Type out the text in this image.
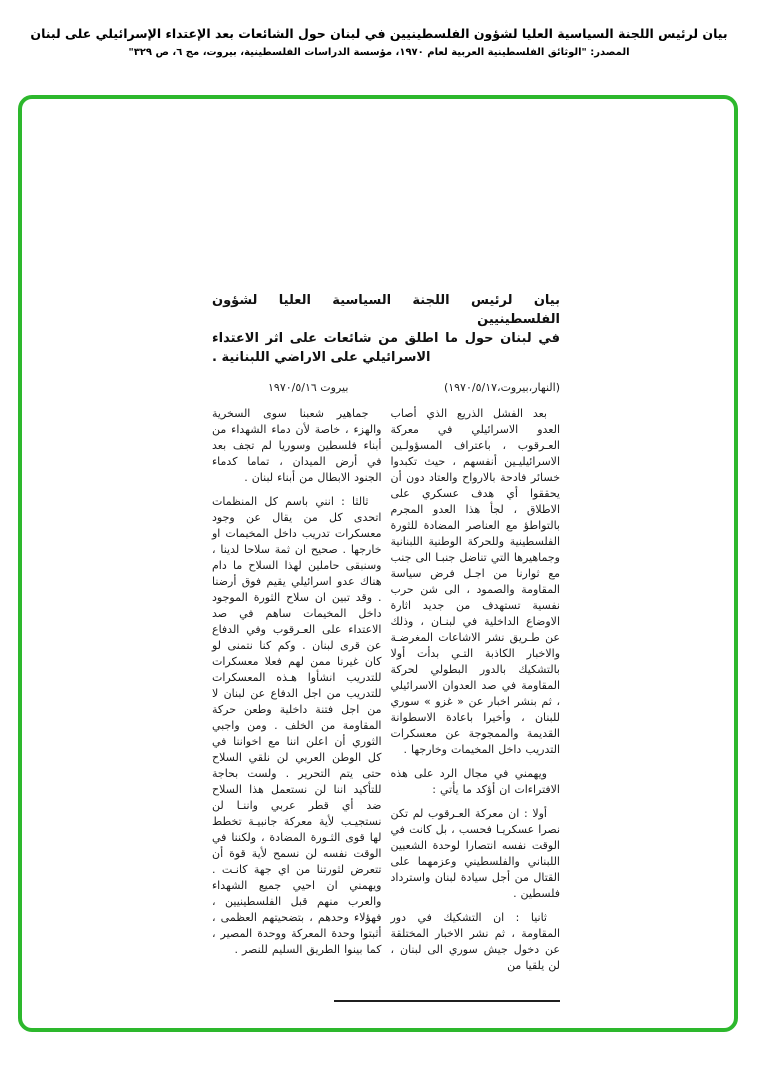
بيان لرئيس اللجنة السياسية العليا لشؤون الفلسطينيين في لبنان حول الشائعات بعد الإعتداء الإسرائيلي على لبنان
المصدر: "الوثائق الفلسطينية العربية لعام ١٩٧٠، مؤسسة الدراسات الفلسطينية، بيروت، مج ٦، ص ٣٢٩"
بيان لرئيس اللجنة السياسية العليا لشؤون الفلسطينيين
في لبنان حول ما اطلق من شائعات على اثر الاعتداء
الاسرائيلي على الاراضي اللبنانية .
(النهار،بيروت،١٩٧٠/٥/١٧)
بيروت ١٩٧٠/٥/١٦

بعد الفشل الذريع الذي أصاب العدو الاسرائيلي في معركة العـرقوب ، باعتراف المسؤولـين الاسرائيليـين أنفسهم ، حيث تكبدوا خسائر فادحة بالارواح والعتاد دون أن يحققوا أي هدف عسكري على الاطلاق ، لجأ هذا العدو المجرم بالتواطؤ مع العناصر المضادة للثورة الفلسطينية وللحركة الوطنية اللبنانية وجماهيرها التي تناضل جنبـا الى جنب مع ثوارنا من اجـل فرض سياسة المقاومة والصمود ، الى شن حرب نفسية تستهدف من جديد اثارة الاوضاع الداخلية في لبنـان ، وذلك عن طـريق نشر الاشاعات المغرضـة والاخبار الكاذبة التـي بدأت أولا بالتشكيك بالدور البطولي لحركة المقاومة في صد العدوان الاسرائيلي ، ثم بنشر اخبار عن « غزو » سوري للبنان ، وأخيرا باعادة الاسطوانة القديمة والممجوجة عن معسكرات التدريب داخل المخيمات وخارجها .

ويهمني في مجال الرد على هذه الافتراءات ان أؤكد ما يأتي :

أولا : ان معركة العـرقوب لم تكن نصرا عسكريـا فحسب ، بل كانت في الوقت نفسه انتصارا لوحدة الشعبين اللبناني والفلسطيني وعزمهما على القتال من أجل سيادة لبنان واسترداد فلسطين .

ثانيا : ان التشكيك في دور المقاومة ، ثم نشر الاخبار المختلقة عن دخول جيش سوري الى لبنان ، لن يلقيا من

جماهير شعبنا سوى السخرية والهزء ، خاصة لأن دماء الشهداء من أبناء فلسطين وسوريا لم تجف بعد في أرض الميدان ، تماما كدماء الجنود الابطال من أبناء لبنان .

ثالثا : انني باسم كل المنظمات اتحدى كل من يقال عن وجود معسكرات تدريب داخل المخيمات او خارجها . صحيح ان ثمة سلاحا لدينا ، وسنبقى حاملين لهذا السلاح ما دام هناك عدو اسرائيلي يقيم فوق أرضنا . وقد تبين ان سلاح الثورة الموجود داخل المخيمات ساهم في صد الاعتداء على العـرقوب وفي الدفاع عن قرى لبنان . وكم كنا نتمنى لو كان غيرنا ممن لهم فعلا معسكرات للتدريب انشأوا هـذه المعسكرات للتدريب من اجل الدفاع عن لبنان لا من اجل فتنة داخلية وطعن حركة المقاومة من الخلف . ومن واجبي الثوري أن اعلن اننا مع اخواننا في كل الوطن العربي لن نلقي السلاح حتى يتم التحرير . ولست بحاجة للتأكيد اننا لن نستعمل هذا السلاح ضد أي قطر عربي واننـا لن نستجيـب لأية معركة جانبيـة تخطط لها قوى الثـورة المضادة ، ولكننا في الوقت نفسه لن نسمح لأية قوة أن تتعرض لثورتنا من اي جهة كانـت . ويهمني ان احيي جميع الشهداء والعرب منهم قبل الفلسطينيين ، فهؤلاء وحدهم ، بتضحيتهم العظمى ، أثبتوا وحدة المعركة ووحدة المصير ، كما بينوا الطريق السليم للنصر .
